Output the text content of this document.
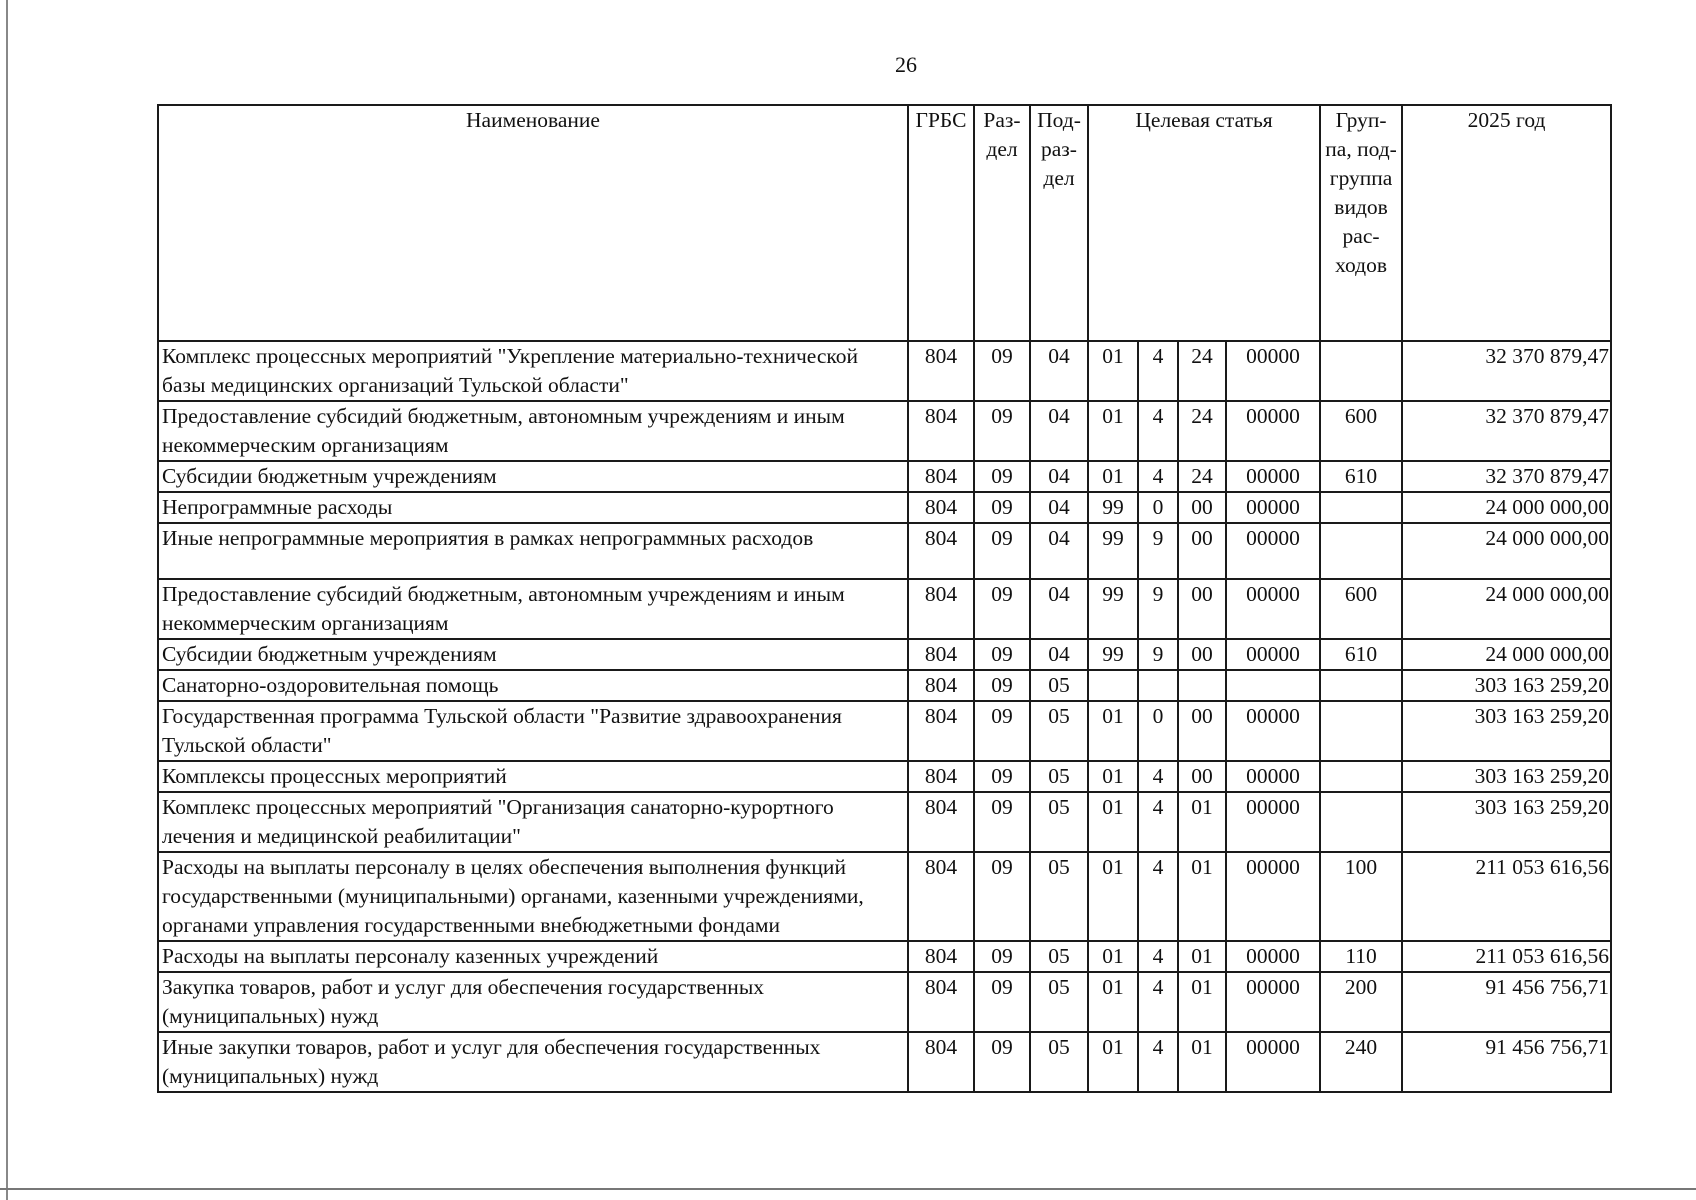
26
Наименование	ГРБС	Раз- дел	Под- раз- дел	Целевая статья				Груп- па, под- группа видов рас- ходов	2025 год
Комплекс процессных мероприятий "Укрепление материально-технической базы медицинских организаций Тульской области"	804	09	04	01	4	24	00000		32 370 879,47
Предоставление субсидий бюджетным, автономным учреждениям и иным некоммерческим организациям	804	09	04	01	4	24	00000	600	32 370 879,47
Субсидии бюджетным учреждениям	804	09	04	01	4	24	00000	610	32 370 879,47
Непрограммные расходы	804	09	04	99	0	00	00000		24 000 000,00
Иные непрограммные мероприятия в рамках непрограммных расходов	804	09	04	99	9	00	00000		24 000 000,00
Предоставление субсидий бюджетным, автономным учреждениям и иным некоммерческим организациям	804	09	04	99	9	00	00000	600	24 000 000,00
Субсидии бюджетным учреждениям	804	09	04	99	9	00	00000	610	24 000 000,00
Санаторно-оздоровительная помощь	804	09	05						303 163 259,20
Государственная программа Тульской области "Развитие здравоохранения Тульской области"	804	09	05	01	0	00	00000		303 163 259,20
Комплексы процессных мероприятий	804	09	05	01	4	00	00000		303 163 259,20
Комплекс процессных мероприятий "Организация санаторно-курортного лечения и медицинской реабилитации"	804	09	05	01	4	01	00000		303 163 259,20
Расходы на выплаты персоналу в целях обеспечения выполнения функций государственными (муниципальными) органами, казенными учреждениями, органами управления государственными внебюджетными фондами	804	09	05	01	4	01	00000	100	211 053 616,56
Расходы на выплаты персоналу казенных учреждений	804	09	05	01	4	01	00000	110	211 053 616,56
Закупка товаров, работ и услуг для обеспечения государственных (муниципальных) нужд	804	09	05	01	4	01	00000	200	91 456 756,71
Иные закупки товаров, работ и услуг для обеспечения государственных (муниципальных) нужд	804	09	05	01	4	01	00000	240	91 456 756,71
